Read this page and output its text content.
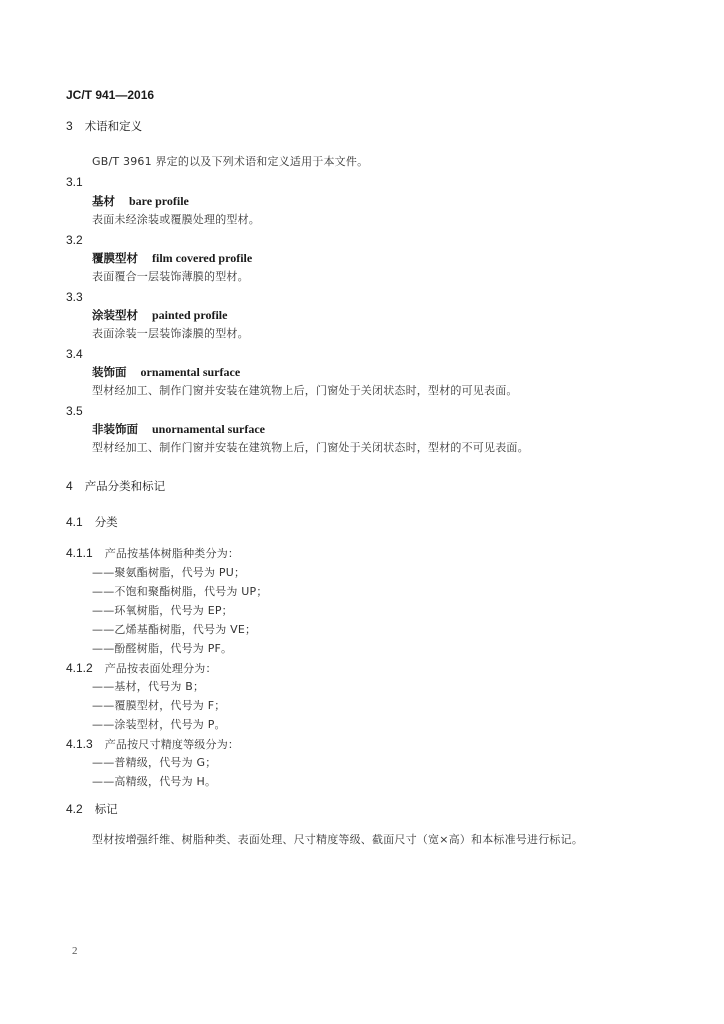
JC/T 941—2016
3 术语和定义
GB/T 3961 界定的以及下列术语和定义适用于本文件。
3.1
基材 bare profile
表面未经涂装或覆膜处理的型材。
3.2
覆膜型材 film covered profile
表面覆合一层装饰薄膜的型材。
3.3
涂装型材 painted profile
表面涂装一层装饰漆膜的型材。
3.4
装饰面 ornamental surface
型材经加工、制作门窗并安装在建筑物上后，门窗处于关闭状态时，型材的可见表面。
3.5
非装饰面 unornamental surface
型材经加工、制作门窗并安装在建筑物上后，门窗处于关闭状态时，型材的不可见表面。
4 产品分类和标记
4.1 分类
4.1.1 产品按基体树脂种类分为：
——聚氨酯树脂，代号为 PU；
——不饱和聚酯树脂，代号为 UP；
——环氧树脂，代号为 EP；
——乙烯基酯树脂，代号为 VE；
——酚醛树脂，代号为 PF。
4.1.2 产品按表面处理分为：
——基材，代号为 B；
——覆膜型材，代号为 F；
——涂装型材，代号为 P。
4.1.3 产品按尺寸精度等级分为：
——普精级，代号为 G；
——高精级，代号为 H。
4.2 标记
型材按增强纤维、树脂种类、表面处理、尺寸精度等级、截面尺寸（宽×高）和本标准号进行标记。
2
